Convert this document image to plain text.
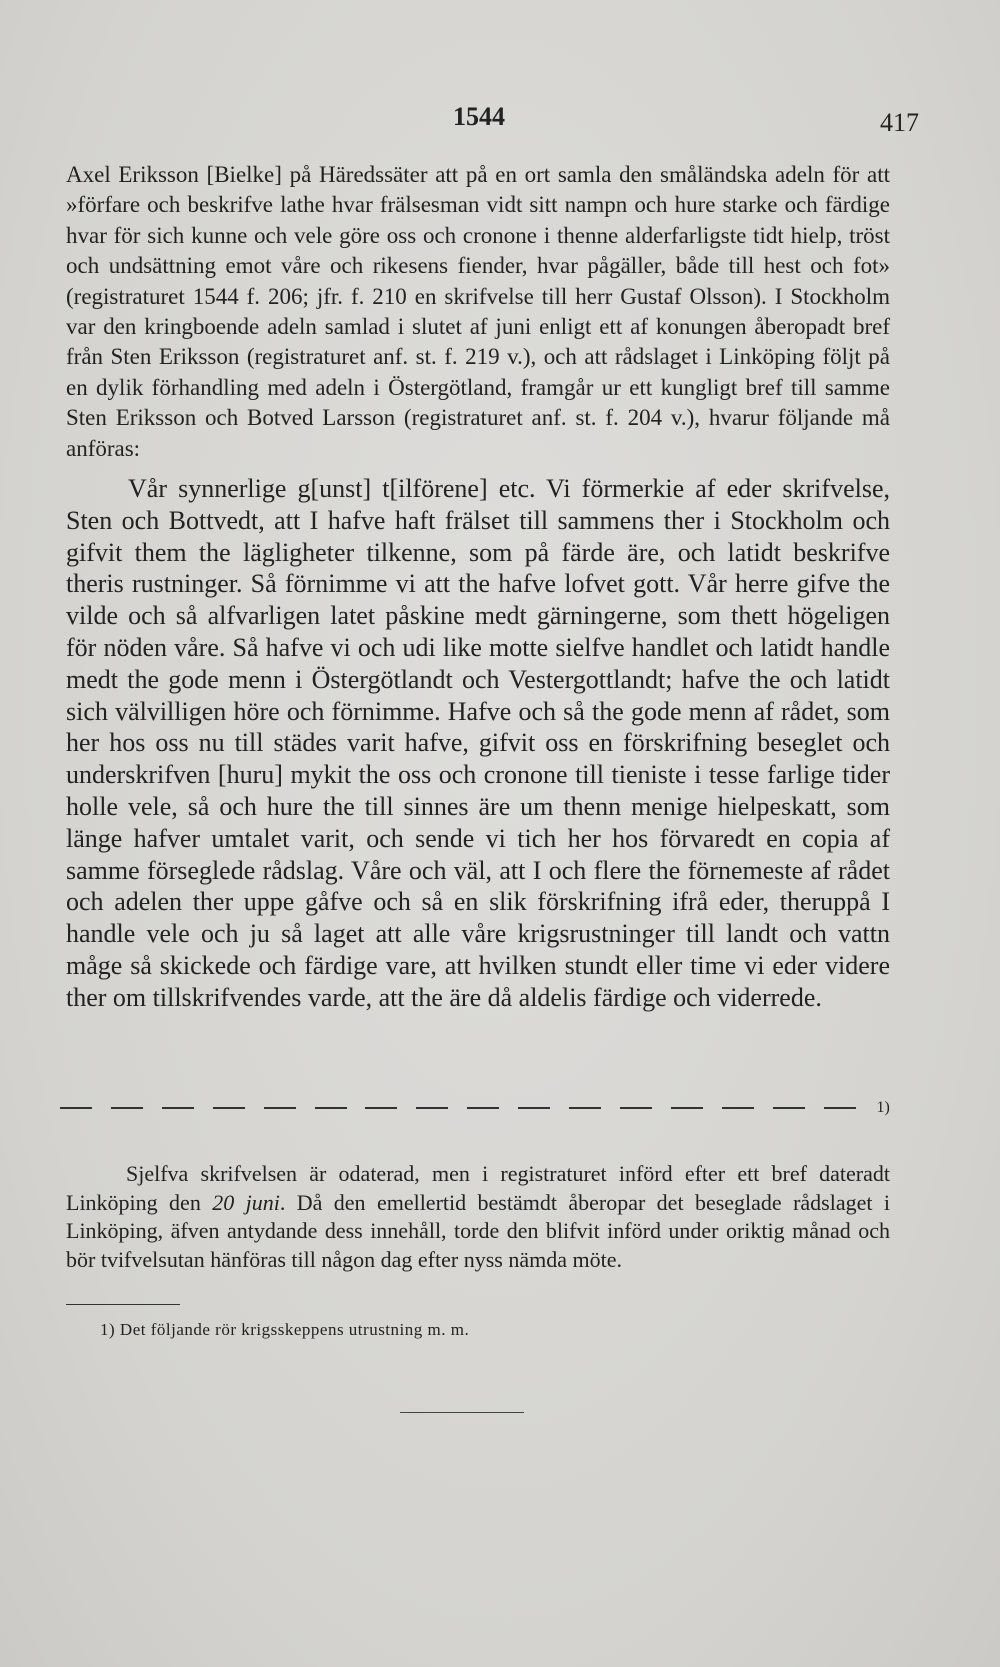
1544	417

Axel Eriksson [Bielke] på Häredssäter att på en ort samla den småländska adeln för att »förfare och beskrifve lathe hvar frälsesman vidt sitt nampn och hure starke och färdige hvar för sich kunne och vele göre oss och cronone i thenne alderfarligste tidt hielp, tröst och undsättning emot våre och rikesens fiender, hvar pågäller, både till hest och fot» (registraturet 1544 f. 206; jfr. f. 210 en skrifvelse till herr Gustaf Olsson). I Stockholm var den kringboende adeln samlad i slutet af juni enligt ett af konungen åberopadt bref från Sten Eriksson (registraturet anf. st. f. 219 v.), och att rådslaget i Linköping följt på en dylik förhandling med adeln i Östergötland, framgår ur ett kungligt bref till samme Sten Eriksson och Botved Larsson (registraturet anf. st. f. 204 v.), hvarur följande må anföras:

Vår synnerlige g[unst] t[ilförene] etc. Vi förmerkie af eder skrifvelse, Sten och Bottvedt, att I hafve haft frälset till sammens ther i Stockholm och gifvit them the lägligheter tilkenne, som på färde äre, och latidt beskrifve theris rustninger. Så förnimme vi att the hafve lofvet gott. Vår herre gifve the vilde och så alfvarligen latet påskine medt gärningerne, som thett högeligen för nöden våre. Så hafve vi och udi like motte sielfve handlet och latidt handle medt the gode menn i Östergötlandt och Vestergottlandt; hafve the och latidt sich välvilligen höre och förnimme. Hafve och så the gode menn af rådet, som her hos oss nu till städes varit hafve, gifvit oss en förskrifning beseglet och underskrifven [huru] mykit the oss och cronone till tieniste i tesse farlige tider holle vele, så och hure the till sinnes äre um thenn menige hielpeskatt, som länge hafver umtalet varit, och sende vi tich her hos förvaredt en copia af samme förseglede rådslag. Våre och väl, att I och flere the förnemeste af rådet och adelen ther uppe gåfve och så en slik förskrifning ifrå eder, theruppå I handle vele och ju så laget att alle våre krigsrustninger till landt och vattn måge så skickede och färdige vare, att hvilken stundt eller time vi eder videre ther om tillskrifvendes varde, att the äre då aldelis färdige och viderrede.

1)

Sjelfva skrifvelsen är odaterad, men i registraturet införd efter ett bref dateradt Linköping den 20 juni. Då den emellertid bestämdt åberopar det beseglade rådslaget i Linköping, äfven antydande dess innehåll, torde den blifvit införd under oriktig månad och bör tvifvelsutan hänföras till någon dag efter nyss nämda möte.

1) Det följande rör krigsskeppens utrustning m. m.
